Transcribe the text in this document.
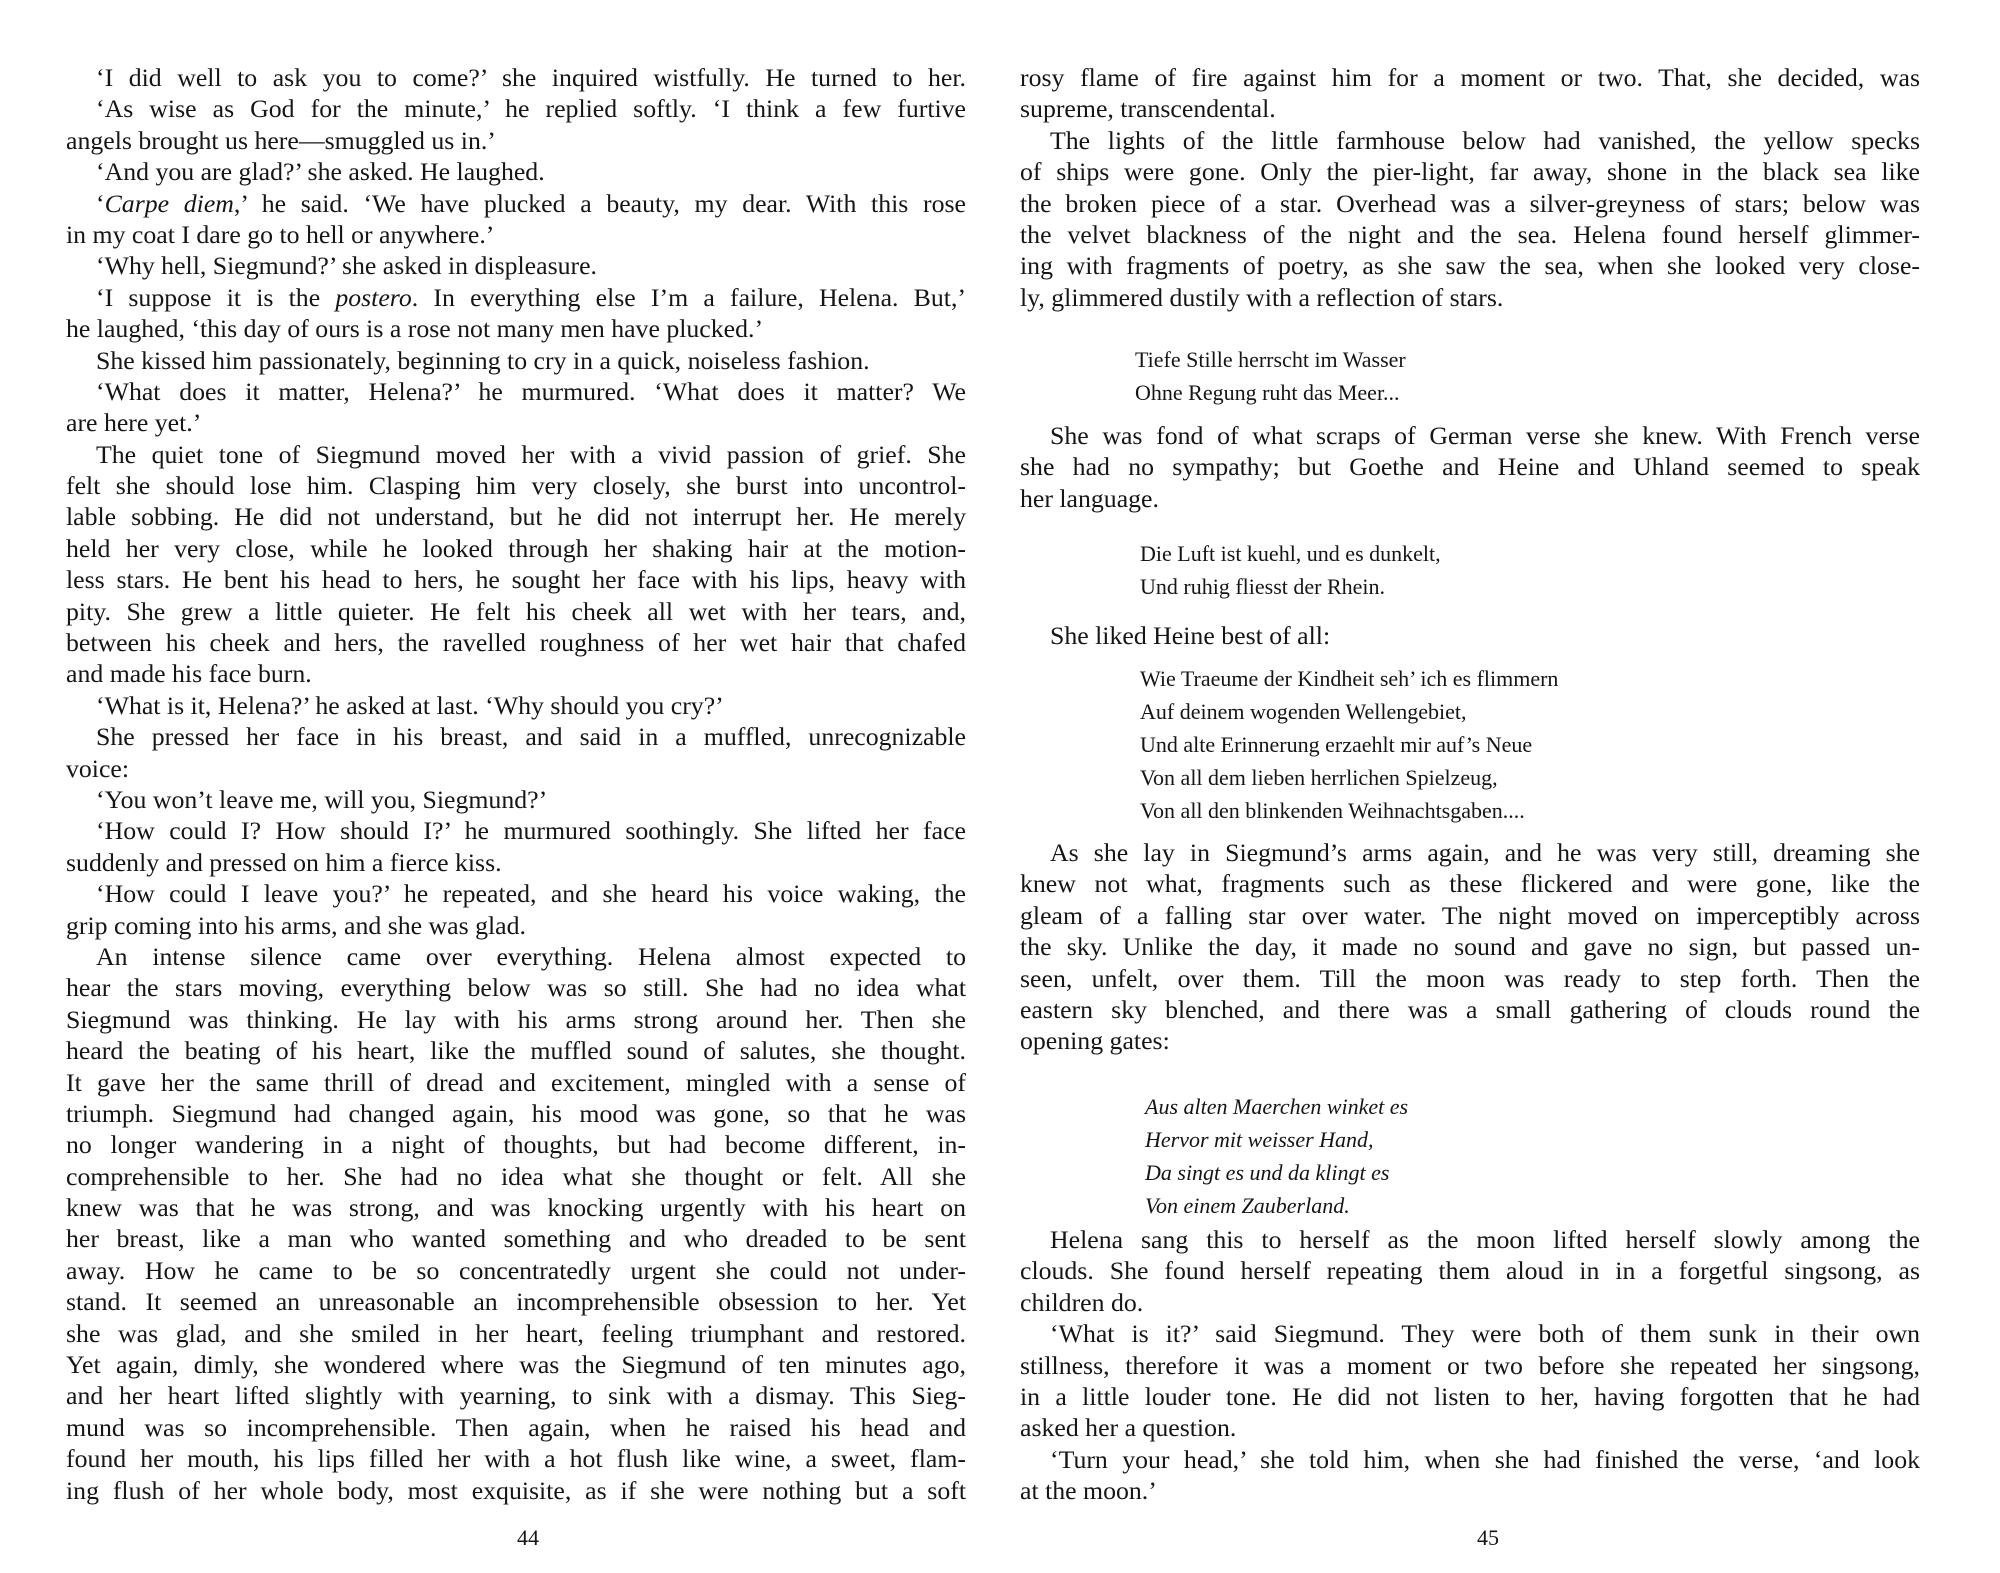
‘I did well to ask you to come?’ she inquired wistfully. He turned to her.
‘As wise as God for the minute,’ he replied softly. ‘I think a few furtive
angels brought us here—smuggled us in.’
‘And you are glad?’ she asked. He laughed.
‘Carpe diem,’ he said. ‘We have plucked a beauty, my dear. With this rose
in my coat I dare go to hell or anywhere.’
‘Why hell, Siegmund?’ she asked in displeasure.
‘I suppose it is the postero. In everything else I’m a failure, Helena. But,’
he laughed, ‘this day of ours is a rose not many men have plucked.’
She kissed him passionately, beginning to cry in a quick, noiseless fashion.
‘What does it matter, Helena?’ he murmured. ‘What does it matter? We
are here yet.’
The quiet tone of Siegmund moved her with a vivid passion of grief. She
felt she should lose him. Clasping him very closely, she burst into uncontrol-
lable sobbing. He did not understand, but he did not interrupt her. He merely
held her very close, while he looked through her shaking hair at the motion-
less stars. He bent his head to hers, he sought her face with his lips, heavy with
pity. She grew a little quieter. He felt his cheek all wet with her tears, and,
between his cheek and hers, the ravelled roughness of her wet hair that chafed
and made his face burn.
‘What is it, Helena?’ he asked at last. ‘Why should you cry?’
She pressed her face in his breast, and said in a muffled, unrecognizable
voice:
‘You won’t leave me, will you, Siegmund?’
‘How could I? How should I?’ he murmured soothingly. She lifted her face
suddenly and pressed on him a fierce kiss.
‘How could I leave you?’ he repeated, and she heard his voice waking, the
grip coming into his arms, and she was glad.
An intense silence came over everything. Helena almost expected to
hear the stars moving, everything below was so still. She had no idea what
Siegmund was thinking. He lay with his arms strong around her. Then she
heard the beating of his heart, like the muffled sound of salutes, she thought.
It gave her the same thrill of dread and excitement, mingled with a sense of
triumph. Siegmund had changed again, his mood was gone, so that he was
no longer wandering in a night of thoughts, but had become different, in-
comprehensible to her. She had no idea what she thought or felt. All she
knew was that he was strong, and was knocking urgently with his heart on
her breast, like a man who wanted something and who dreaded to be sent
away. How he came to be so concentratedly urgent she could not under-
stand. It seemed an unreasonable an incomprehensible obsession to her. Yet
she was glad, and she smiled in her heart, feeling triumphant and restored.
Yet again, dimly, she wondered where was the Siegmund of ten minutes ago,
and her heart lifted slightly with yearning, to sink with a dismay. This Sieg-
mund was so incomprehensible. Then again, when he raised his head and
found her mouth, his lips filled her with a hot flush like wine, a sweet, flam-
ing flush of her whole body, most exquisite, as if she were nothing but a soft
44	45
rosy flame of fire against him for a moment or two. That, she decided, was
supreme, transcendental.
The lights of the little farmhouse below had vanished, the yellow specks
of ships were gone. Only the pier-light, far away, shone in the black sea like
the broken piece of a star. Overhead was a silver-greyness of stars; below was
the velvet blackness of the night and the sea. Helena found herself glimmer-
ing with fragments of poetry, as she saw the sea, when she looked very close-
ly, glimmered dustily with a reflection of stars.
Tiefe Stille herrscht im Wasser
Ohne Regung ruht das Meer...
She was fond of what scraps of German verse she knew. With French verse
she had no sympathy; but Goethe and Heine and Uhland seemed to speak
her language.
Die Luft ist kuehl, und es dunkelt,
Und ruhig fliesst der Rhein.
She liked Heine best of all:
Wie Traeume der Kindheit seh’ ich es flimmern
Auf deinem wogenden Wellengebiet,
Und alte Erinnerung erzaehlt mir auf’s Neue
Von all dem lieben herrlichen Spielzeug,
Von all den blinkenden Weihnachtsgaben....
As she lay in Siegmund’s arms again, and he was very still, dreaming she
knew not what, fragments such as these flickered and were gone, like the
gleam of a falling star over water. The night moved on imperceptibly across
the sky. Unlike the day, it made no sound and gave no sign, but passed un-
seen, unfelt, over them. Till the moon was ready to step forth. Then the
eastern sky blenched, and there was a small gathering of clouds round the
opening gates:
Aus alten Maerchen winket es
Hervor mit weisser Hand,
Da singt es und da klingt es
Von einem Zauberland.
Helena sang this to herself as the moon lifted herself slowly among the
clouds. She found herself repeating them aloud in in a forgetful singsong, as
children do.
‘What is it?’ said Siegmund. They were both of them sunk in their own
stillness, therefore it was a moment or two before she repeated her singsong,
in a little louder tone. He did not listen to her, having forgotten that he had
asked her a question.
‘Turn your head,’ she told him, when she had finished the verse, ‘and look
at the moon.’
